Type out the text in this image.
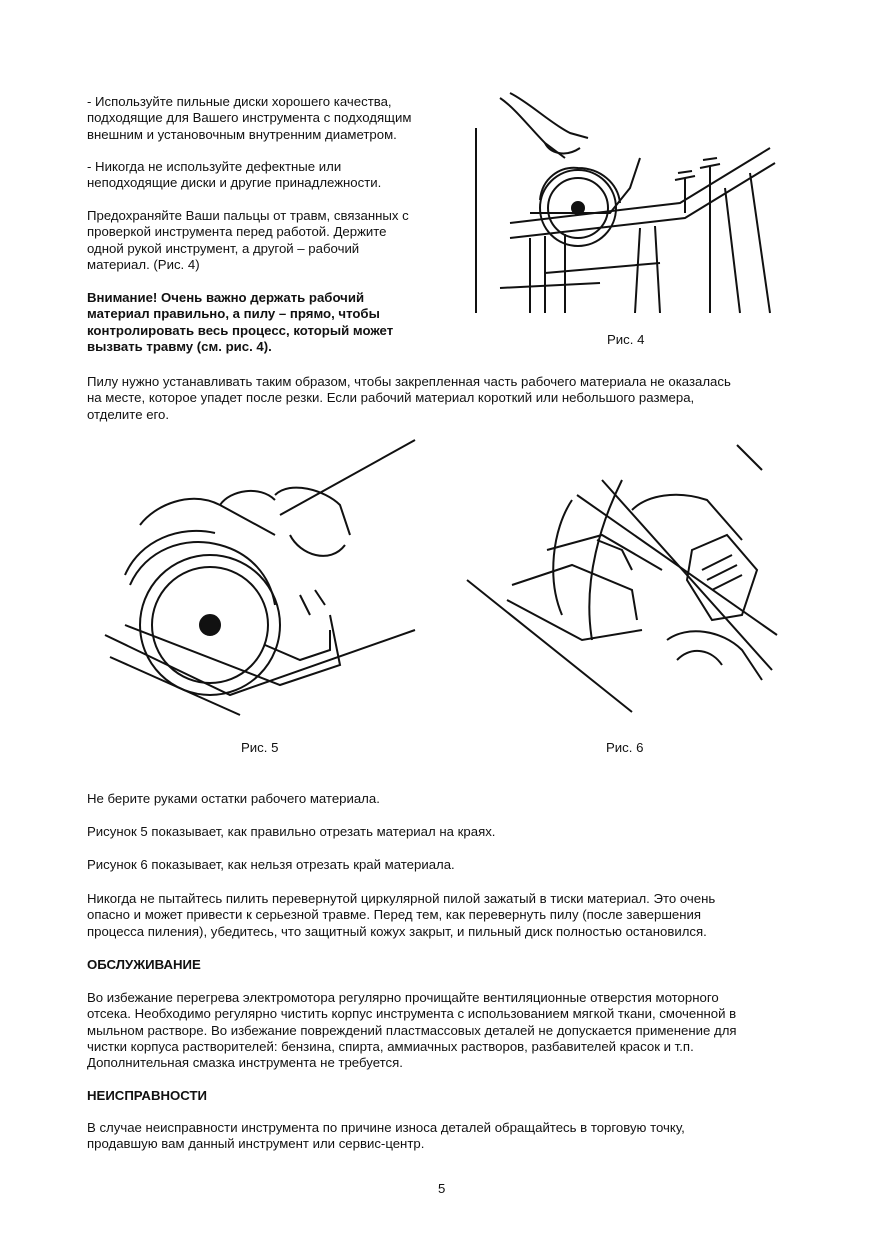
- Используйте пильные диски хорошего качества,
подходящие для Вашего инструмента с подходящим
внешним и установочным внутренним диаметром.

- Никогда не используйте дефектные или
неподходящие диски и другие принадлежности.

Предохраняйте Ваши пальцы от травм, связанных с
проверкой инструмента перед работой. Держите
одной рукой инструмент, а другой – рабочий
материал. (Рис. 4)

Внимание! Очень важно держать рабочий
материал правильно, а пилу – прямо, чтобы
контролировать весь процесс, который может
вызвать травму (см. рис. 4).	Рис. 4

Пилу нужно устанавливать таким образом, чтобы закрепленная часть рабочего материала не оказалась
на месте, которое упадет после резки. Если рабочий материал короткий или небольшого размера,
отделите его.

Рис. 5	Рис. 6

Не берите руками остатки рабочего материала.

Рисунок 5 показывает, как правильно отрезать материал на краях.

Рисунок 6 показывает, как нельзя отрезать край материала.

Никогда не пытайтесь пилить перевернутой циркулярной пилой зажатый в тиски материал. Это очень
опасно и может привести к серьезной травме. Перед тем, как перевернуть пилу (после завершения
процесса пиления), убедитесь, что защитный кожух закрыт, и пильный диск полностью остановился.

ОБСЛУЖИВАНИЕ

Во избежание перегрева электромотора регулярно прочищайте вентиляционные отверстия моторного
отсека. Необходимо регулярно чистить корпус инструмента с использованием мягкой ткани, смоченной в
мыльном растворе. Во избежание повреждений пластмассовых деталей не допускается применение для
чистки корпуса растворителей: бензина, спирта, аммиачных растворов, разбавителей красок и т.п.
Дополнительная смазка инструмента не требуется.

НЕИСПРАВНОСТИ

В случае неисправности инструмента по причине износа деталей обращайтесь в торговую точку,
продавшую вам данный инструмент или сервис-центр.

5
